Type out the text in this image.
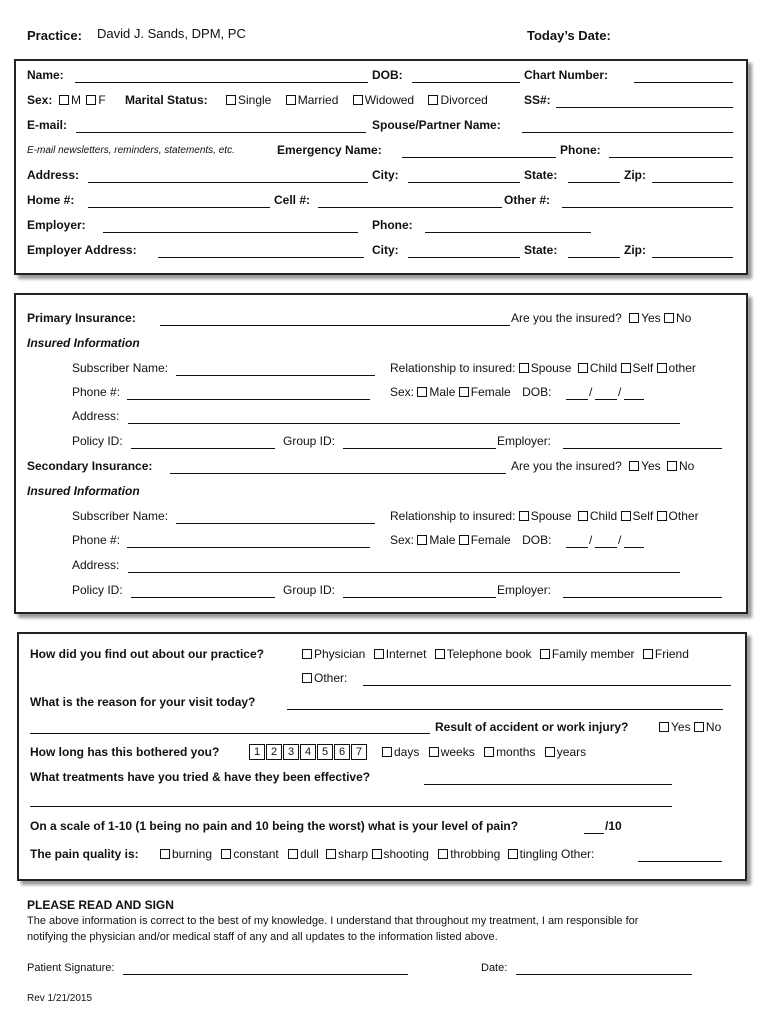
Practice: David J. Sands, DPM, PC	Today’s Date:
Name:	DOB:	Chart Number:
Sex:	M F Marital Status:	Single Married Widowed Divorced	SS#:
E-mail:	Spouse/Partner Name:
E-mail newsletters, reminders, statements, etc.	Emergency Name:	Phone:
Address:	City:	State:	Zip:
Home #:	Cell #:	Other #:
Employer:	Phone:
Employer Address:	City:	State:	Zip:
Primary Insurance:	Are you the insured? Yes No
Insured Information
Subscriber Name:	Relationship to insured: Spouse Child Self other
Phone #:	Sex: Male Female DOB:	/ /
Address:
Policy ID:	Group ID:	Employer:
Secondary Insurance:	Are you the insured? Yes No
Insured Information
Subscriber Name:	Relationship to insured: Spouse Child Self Other
Phone #:	Sex: Male Female DOB:	/ /
Address:
Policy ID:	Group ID:	Employer:
How did you find out about our practice?	Physician Internet Telephone book Family member Friend
Other:
What is the reason for your visit today?
Result of accident or work injury?	Yes No
How long has this bothered you?	1 2 3 4 5 6 7	days weeks months years
What treatments have you tried & have they been effective?
On a scale of 1-10 (1 being no pain and 10 being the worst) what is your level of pain?	/10
The pain quality is:	burning constant dull sharp shooting throbbing tingling Other:
PLEASE READ AND SIGN
The above information is correct to the best of my knowledge. I understand that throughout my treatment, I am responsible for
notifying the physician and/or medical staff of any and all updates to the information listed above.
Patient Signature:	Date:
Rev 1/21/2015
